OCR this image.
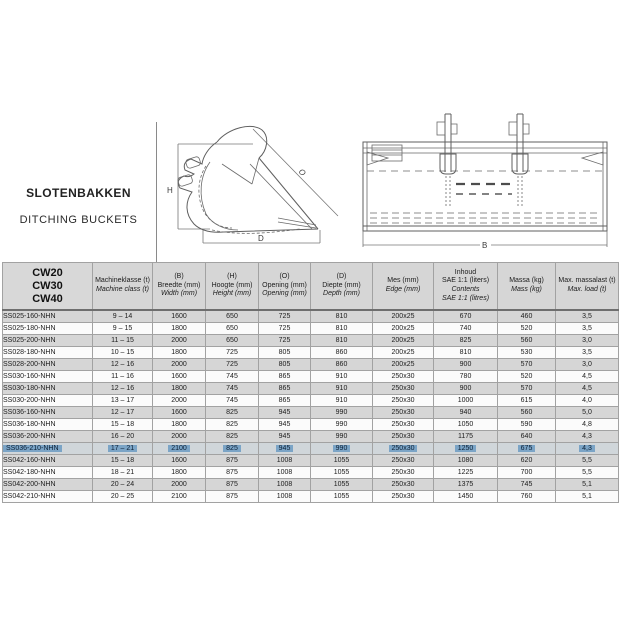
SLOTENBAKKEN
DITCHING BUCKETS
H
D
O
B
CW20
CW30
CW40

Machineklasse (t)
Machine class (t)

(B)
Breedte (mm)
Width (mm)

(H)
Hoogte (mm)
Height (mm)

(O)
Opening (mm)
Opening (mm)

(D)
Diepte (mm)
Depth (mm)

Mes (mm)
Edge (mm)

Inhoud
SAE 1:1 (liters)
Contents
SAE 1:1 (litres)

Massa (kg)
Mass (kg)

Max. massalast (t)
Max. load (t)

SS025-160-NHN	9 – 14	1600	650	725	810	200x25	670	460	3,5
SS025-180-NHN	9 – 15	1800	650	725	810	200x25	740	520	3,5
SS025-200-NHN	11 – 15	2000	650	725	810	200x25	825	560	3,0
SS028-180-NHN	10 – 15	1800	725	805	860	200x25	810	530	3,5
SS028-200-NHN	12 – 16	2000	725	805	860	200x25	900	570	3,0
SS030-160-NHN	11 – 16	1600	745	865	910	250x30	780	520	4,5
SS030-180-NHN	12 – 16	1800	745	865	910	250x30	900	570	4,5
SS030-200-NHN	13 – 17	2000	745	865	910	250x30	1000	615	4,0
SS036-160-NHN	12 – 17	1600	825	945	990	250x30	940	560	5,0
SS036-180-NHN	15 – 18	1800	825	945	990	250x30	1050	590	4,8
SS036-200-NHN	16 – 20	2000	825	945	990	250x30	1175	640	4,3
SS036-210-NHN	17 – 21	2100	825	945	990	250x30	1250	675	4,3
SS042-160-NHN	15 – 18	1600	875	1008	1055	250x30	1080	620	5,5
SS042-180-NHN	18 – 21	1800	875	1008	1055	250x30	1225	700	5,5
SS042-200-NHN	20 – 24	2000	875	1008	1055	250x30	1375	745	5,1
SS042-210-NHN	20 – 25	2100	875	1008	1055	250x30	1450	760	5,1
